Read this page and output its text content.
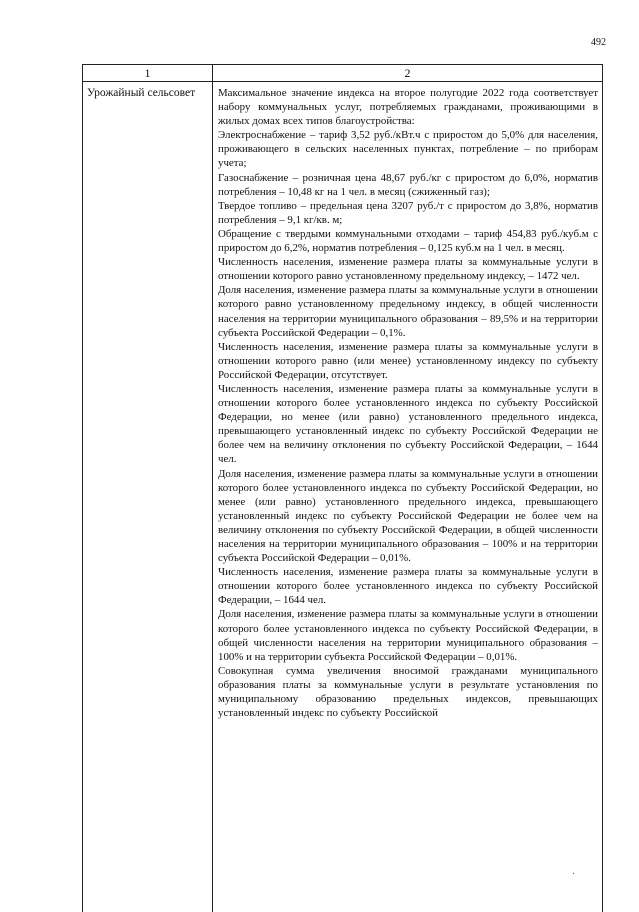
492
1	2
Урожайный сельсовет	Максимальное значение индекса на второе полугодие 2022 года соответствует набору коммунальных услуг, потребляемых гражданами, проживающими в жилых домах всех типов благоустройства:

Электроснабжение – тариф 3,52 руб./кВт.ч с приростом до 5,0% для населения, проживающего в сельских населенных пунктах, потребление – по приборам учета;

Газоснабжение – розничная цена 48,67 руб./кг с приростом до 6,0%, норматив потребления – 10,48 кг на 1 чел. в месяц (сжиженный газ);

Твердое топливо – предельная цена 3207 руб./т с приростом до 3,8%, норматив потребления – 9,1 кг/кв. м;

Обращение с твердыми коммунальными отходами – тариф 454,83 руб./куб.м с приростом до 6,2%, норматив потребления – 0,125 куб.м на 1 чел. в месяц.

Численность населения, изменение размера платы за коммунальные услуги в отношении которого равно установленному предельному индексу, – 1472 чел.

Доля населения, изменение размера платы за коммунальные услуги в отношении которого равно установленному предельному индексу, в общей численности населения на территории муниципального образования – 89,5% и на территории субъекта Российской Федерации – 0,1%.

Численность населения, изменение размера платы за коммунальные услуги в отношении которого равно (или менее) установленному индексу по субъекту Российской Федерации, отсутствует.

Численность населения, изменение размера платы за коммунальные услуги в отношении которого более установленного индекса по субъекту Российской Федерации, но менее (или равно) установленного предельного индекса, превышающего установленный индекс по субъекту Российской Федерации не более чем на величину отклонения по субъекту Российской Федерации, – 1644 чел.

Доля населения, изменение размера платы за коммунальные услуги в отношении которого более установленного индекса по субъекту Российской Федерации, но менее (или равно) установленного предельного индекса, превышающего установленный индекс по субъекту Российской Федерации не более чем на величину отклонения по субъекту Российской Федерации, в общей численности населения на территории муниципального образования – 100% и на территории субъекта Российской Федерации – 0,01%.

Численность населения, изменение размера платы за коммунальные услуги в отношении которого более установленного индекса по субъекту Российской Федерации, – 1644 чел.

Доля населения, изменение размера платы за коммунальные услуги в отношении которого более установленного индекса по субъекту Российской Федерации, в общей численности населения на территории муниципального образования – 100% и на территории субъекта Российской Федерации – 0,01%.

Совокупная сумма увеличения вносимой гражданами муниципального образования платы за коммунальные услуги в результате установления по муниципальному образованию предельных индексов, превышающих установленный индекс по субъекту Российской

·
